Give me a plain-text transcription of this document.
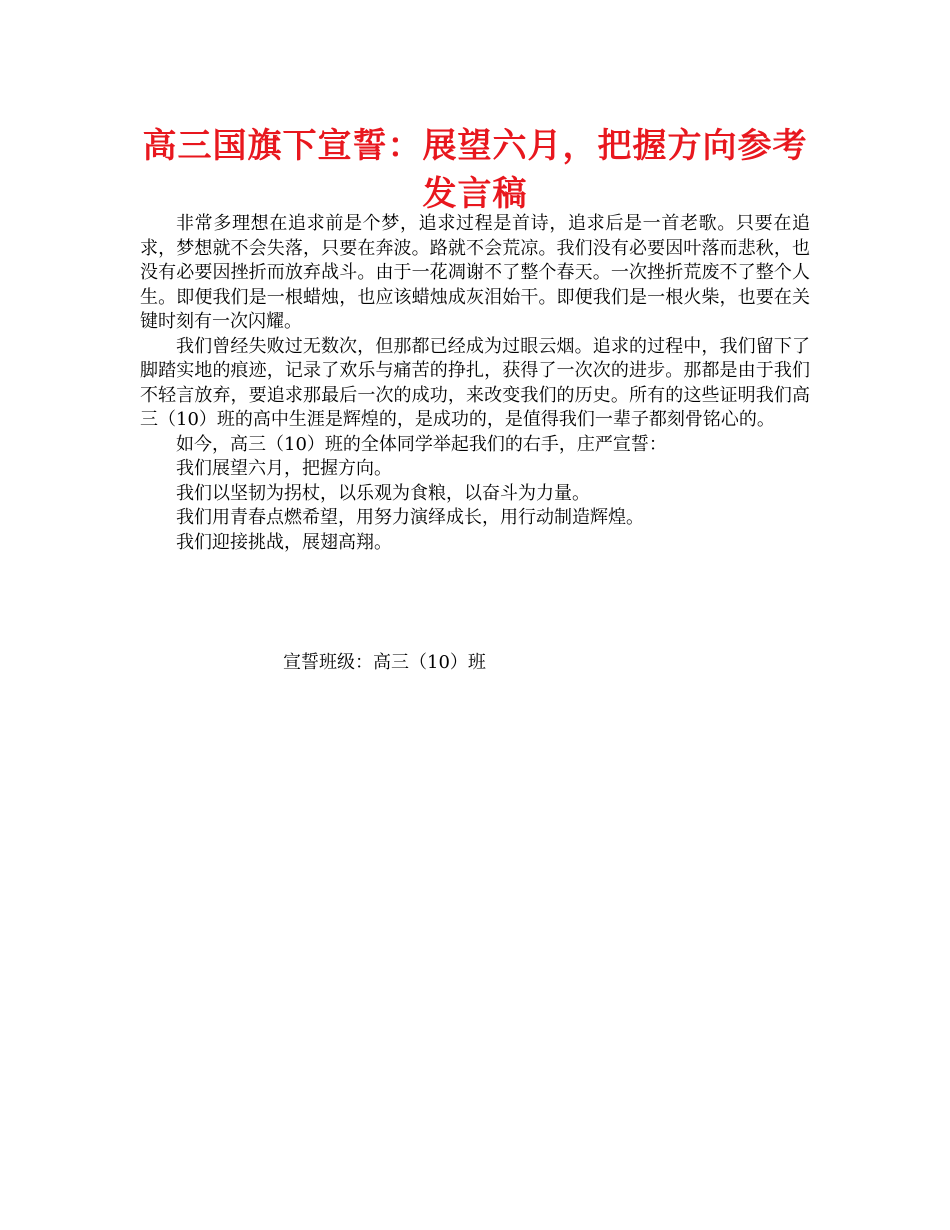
高三国旗下宣誓：展望六月，把握方向参考发言稿

非常多理想在追求前是个梦，追求过程是首诗，追求后是一首老歌。只要在追求，梦想就不会失落，只要在奔波。路就不会荒凉。我们没有必要因叶落而悲秋，也没有必要因挫折而放弃战斗。由于一花凋谢不了整个春天。一次挫折荒废不了整个人生。即便我们是一根蜡烛，也应该蜡烛成灰泪始干。即便我们是一根火柴，也要在关键时刻有一次闪耀。

我们曾经失败过无数次，但那都已经成为过眼云烟。追求的过程中，我们留下了脚踏实地的痕迹，记录了欢乐与痛苦的挣扎，获得了一次次的进步。那都是由于我们不轻言放弃，要追求那最后一次的成功，来改变我们的历史。所有的这些证明我们高三（10）班的高中生涯是辉煌的，是成功的，是值得我们一辈子都刻骨铭心的。

如今，高三（10）班的全体同学举起我们的右手，庄严宣誓：

我们展望六月，把握方向。

我们以坚韧为拐杖，以乐观为食粮，以奋斗为力量。

我们用青春点燃希望，用努力演绎成长，用行动制造辉煌。

我们迎接挑战，展翅高翔。

宣誓班级：高三（10）班
